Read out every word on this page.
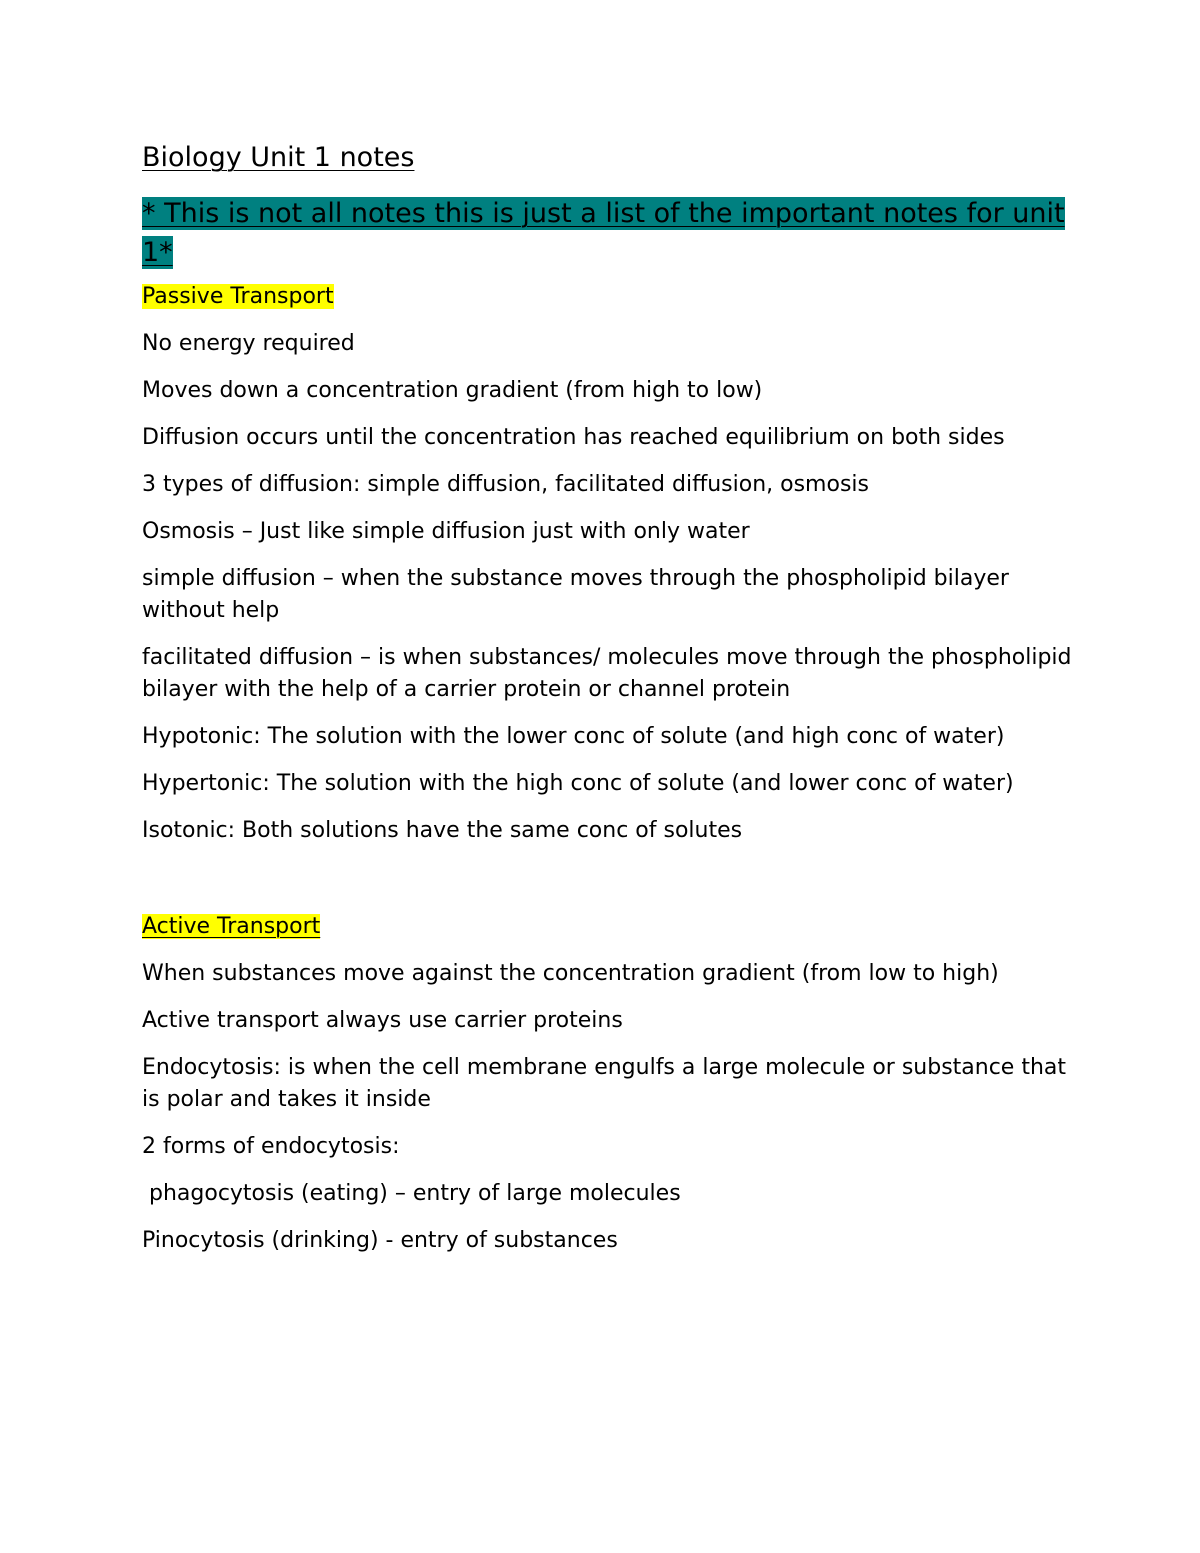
Biology Unit 1 notes
* This is not all notes this is just a list of the important notes for unit 1*
Passive Transport
No energy required
Moves down a concentration gradient (from high to low)
Diffusion occurs until the concentration has reached equilibrium on both sides
3 types of diffusion: simple diffusion, facilitated diffusion, osmosis
Osmosis – Just like simple diffusion just with only water
simple diffusion – when the substance moves through the phospholipid bilayer without help
facilitated diffusion – is when substances/ molecules move through the phospholipid bilayer with the help of a carrier protein or channel protein
Hypotonic: The solution with the lower conc of solute (and high conc of water)
Hypertonic: The solution with the high conc of solute (and lower conc of water)
Isotonic: Both solutions have the same conc of solutes
Active Transport
When substances move against the concentration gradient (from low to high)
Active transport always use carrier proteins
Endocytosis: is when the cell membrane engulfs a large molecule or substance that is polar and takes it inside
2 forms of endocytosis:
phagocytosis (eating) – entry of large molecules
Pinocytosis (drinking) - entry of substances
